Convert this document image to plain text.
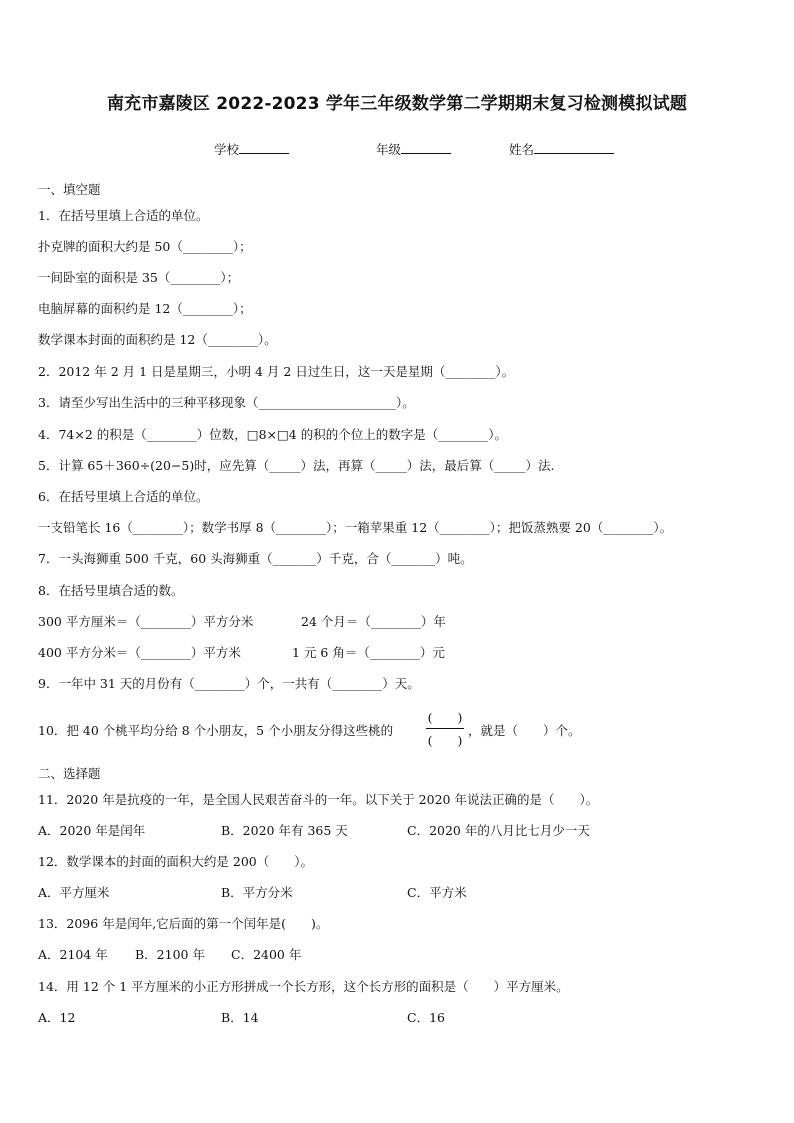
南充市嘉陵区 2022-2023 学年三年级数学第二学期期末复习检测模拟试题
学校	年级	姓名
一、填空题
1．在括号里填上合适的单位。
扑克牌的面积大约是 50（________）；
一间卧室的面积是 35（________）；
电脑屏幕的面积约是 12（________）；
数学课本封面的面积约是 12（________）。
2．2012 年 2 月 1 日是星期三，小明 4 月 2 日过生日，这一天是星期（________）。
3．请至少写出生活中的三种平移现象（______________________）。
4．74×2 的积是（________）位数，□8×□4 的积的个位上的数字是（________）。
5．计算 65＋360÷(20−5)时，应先算（_____）法，再算（_____）法，最后算（_____）法.
6．在括号里填上合适的单位。
一支铅笔长 16（________）；数学书厚 8（________）；一箱苹果重 12（________）；把饭蒸熟要 20（________）。
7．一头海狮重 500 千克，60 头海狮重（_______）千克，合（_______）吨。
8．在括号里填合适的数。
300 平方厘米＝（________）平方分米	24 个月＝（________）年
400 平方分米＝（________）平方米	1 元 6 角＝（________）元
9．一年中 31 天的月份有（________）个，一共有（________）天。
10．把 40 个桃平均分给 8 个小朋友，5 个小朋友分得这些桃的
(　　)
(　　)
，就是（　　）个。
二、选择题
11．2020 年是抗疫的一年，是全国人民艰苦奋斗的一年。以下关于 2020 年说法正确的是（　　）。
A．2020 年是闰年	B．2020 年有 365 天	C．2020 年的八月比七月少一天
12．数学课本的封面的面积大约是 200（　　）。
A．平方厘米	B．平方分米	C．平方米
13．2096 年是闰年,它后面的第一个闰年是(　　)。
A．2104 年 B．2100 年 C．2400 年
14．用 12 个 1 平方厘米的小正方形拼成一个长方形，这个长方形的面积是（　　）平方厘米。
A．12	B．14	C．16
